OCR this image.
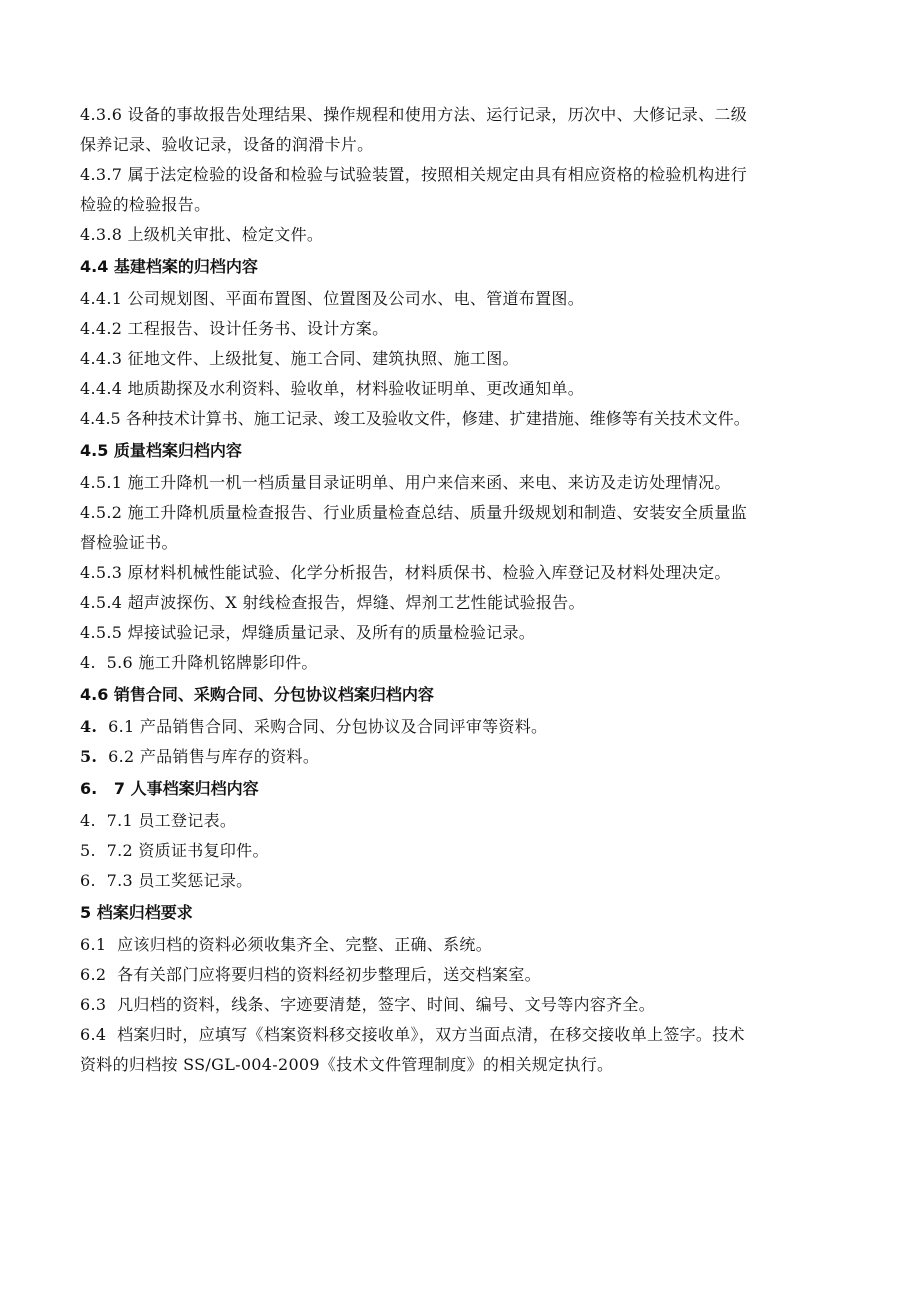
4.3.6 设备的事故报告处理结果、操作规程和使用方法、运行记录，历次中、大修记录、二级

保养记录、验收记录，设备的润滑卡片。

4.3.7 属于法定检验的设备和检验与试验装置，按照相关规定由具有相应资格的检验机构进行

检验的检验报告。

4.3.8 上级机关审批、检定文件。

4.4 基建档案的归档内容

4.4.1 公司规划图、平面布置图、位置图及公司水、电、管道布置图。

4.4.2 工程报告、设计任务书、设计方案。

4.4.3 征地文件、上级批复、施工合同、建筑执照、施工图。

4.4.4 地质勘探及水利资料、验收单，材料验收证明单、更改通知单。

4.4.5 各种技术计算书、施工记录、竣工及验收文件，修建、扩建措施、维修等有关技术文件。

4.5 质量档案归档内容

4.5.1 施工升降机一机一档质量目录证明单、用户来信来函、来电、来访及走访处理情况。

4.5.2 施工升降机质量检查报告、行业质量检查总结、质量升级规划和制造、安装安全质量监

督检验证书。

4.5.3 原材料机械性能试验、化学分析报告，材料质保书、检验入库登记及材料处理决定。

4.5.4 超声波探伤、X 射线检查报告，焊缝、焊剂工艺性能试验报告。

4.5.5 焊接试验记录，焊缝质量记录、及所有的质量检验记录。

4.  5.6 施工升降机铭牌影印件。

4.6 销售合同、采购合同、分包协议档案归档内容

4.  6.1 产品销售合同、采购合同、分包协议及合同评审等资料。

5.  6.2 产品销售与库存的资料。

6.   7 人事档案归档内容

4.  7.1 员工登记表。

5.  7.2 资质证书复印件。

6.  7.3 员工奖惩记录。

5 档案归档要求

6.1  应该归档的资料必须收集齐全、完整、正确、系统。

6.2  各有关部门应将要归档的资料经初步整理后，送交档案室。

6.3  凡归档的资料，线条、字迹要清楚，签字、时间、编号、文号等内容齐全。

6.4  档案归时，应填写《档案资料移交接收单》，双方当面点清，在移交接收单上签字。技术

资料的归档按 SS/GL-004-2009《技术文件管理制度》的相关规定执行。
